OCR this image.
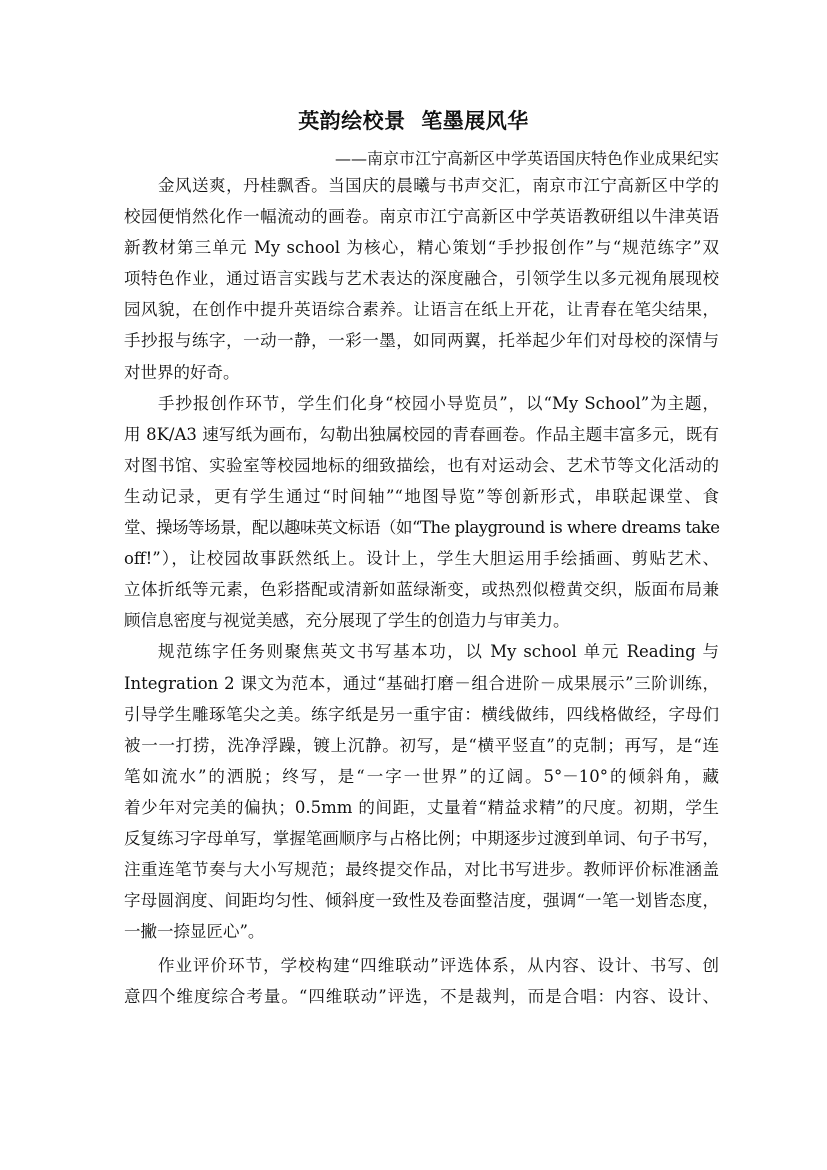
英韵绘校景  笔墨展风华
——南京市江宁高新区中学英语国庆特色作业成果纪实
金风送爽，丹桂飘香。当国庆的晨曦与书声交汇，南京市江宁高新区中学的
校园便悄然化作一幅流动的画卷。南京市江宁高新区中学英语教研组以牛津英语
新教材第三单元 My school 为核心，精心策划“手抄报创作”与“规范练字”双
项特色作业，通过语言实践与艺术表达的深度融合，引领学生以多元视角展现校
园风貌，在创作中提升英语综合素养。让语言在纸上开花，让青春在笔尖结果，
手抄报与练字，一动一静，一彩一墨，如同两翼，托举起少年们对母校的深情与
对世界的好奇。
手抄报创作环节，学生们化身“校园小导览员”，以“My School”为主题，
用 8K/A3 速写纸为画布，勾勒出独属校园的青春画卷。作品主题丰富多元，既有
对图书馆、实验室等校园地标的细致描绘，也有对运动会、艺术节等文化活动的
生动记录，更有学生通过“时间轴”“地图导览”等创新形式，串联起课堂、食
堂、操场等场景，配以趣味英文标语（如“The playground is where dreams take
off!”），让校园故事跃然纸上。设计上，学生大胆运用手绘插画、剪贴艺术、
立体折纸等元素，色彩搭配或清新如蓝绿渐变，或热烈似橙黄交织，版面布局兼
顾信息密度与视觉美感，充分展现了学生的创造力与审美力。
规范练字任务则聚焦英文书写基本功，以 My school 单元 Reading 与
Integration 2 课文为范本，通过“基础打磨－组合进阶－成果展示”三阶训练，
引导学生雕琢笔尖之美。练字纸是另一重宇宙：横线做纬，四线格做经，字母们
被一一打捞，洗净浮躁，镀上沉静。初写，是“横平竖直”的克制；再写，是“连
笔如流水”的洒脱；终写，是“一字一世界”的辽阔。5°－10°的倾斜角，藏
着少年对完美的偏执；0.5mm 的间距，丈量着“精益求精”的尺度。初期，学生
反复练习字母单写，掌握笔画顺序与占格比例；中期逐步过渡到单词、句子书写，
注重连笔节奏与大小写规范；最终提交作品，对比书写进步。教师评价标准涵盖
字母圆润度、间距均匀性、倾斜度一致性及卷面整洁度，强调“一笔一划皆态度，
一撇一捺显匠心”。
作业评价环节，学校构建“四维联动”评选体系，从内容、设计、书写、创
意四个维度综合考量。“四维联动”评选，不是裁判，而是合唱：内容、设计、
